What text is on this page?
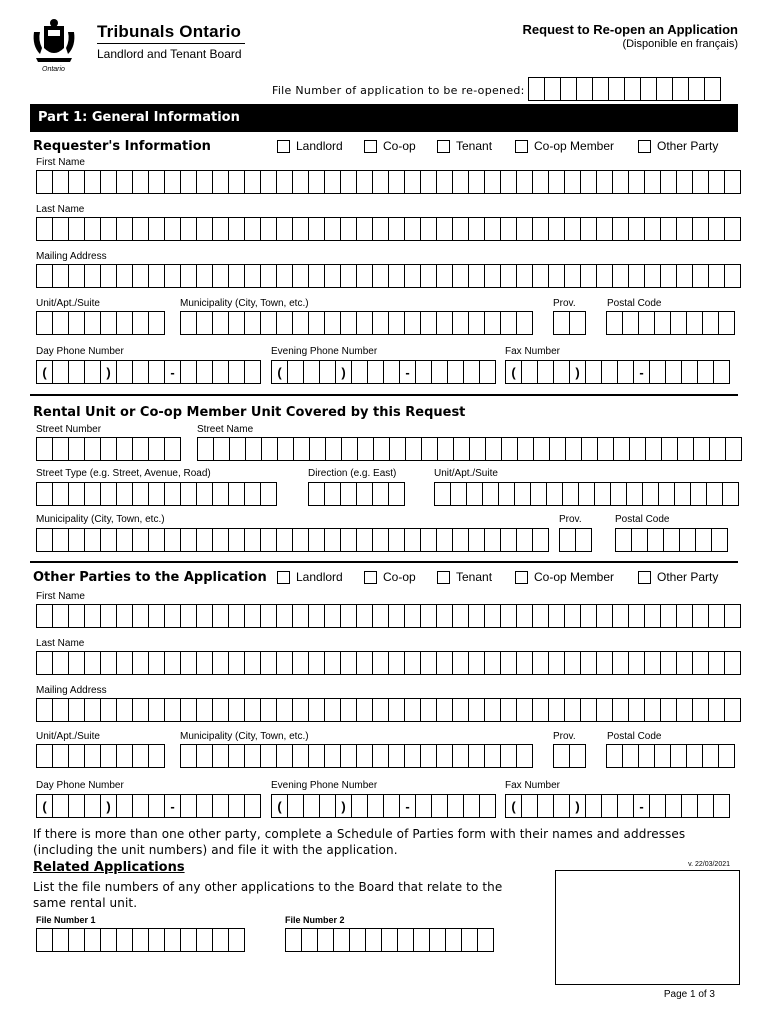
Ontario
Tribunals Ontario
Landlord and Tenant Board
Request to Re-open an Application
(Disponible en français)
File Number of application to be re-opened:
Part 1: General Information
Requester's Information	Landlord	Co-op	Tenant	Co-op Member	Other Party
First Name
Last Name
Mailing Address
Unit/Apt./Suite	Municipality (City, Town, etc.)	Prov.	Postal Code
Day Phone Number	Evening Phone Number	Fax Number
(	)	-	(	)	-	(	)	-
Rental Unit or Co-op Member Unit Covered by this Request
Street Number	Street Name
Street Type (e.g. Street, Avenue, Road)	Direction (e.g. East)	Unit/Apt./Suite
Municipality (City, Town, etc.)	Prov.	Postal Code
Other Parties to the Application Landlord	Co-op	Tenant	Co-op Member	Other Party
First Name
Last Name
Mailing Address
Unit/Apt./Suite	Municipality (City, Town, etc.)	Prov.	Postal Code
Day Phone Number	Evening Phone Number	Fax Number
(	)	-	(	)	-	(	)	-
If there is more than one other party, complete a Schedule of Parties form with their names and addresses
(including the unit numbers) and file it with the application.
Related Applications
List the file numbers of any other applications to the Board that relate to the
same rental unit.
File Number 1	File Number 2
v. 22/03/2021
Page 1 of 3
